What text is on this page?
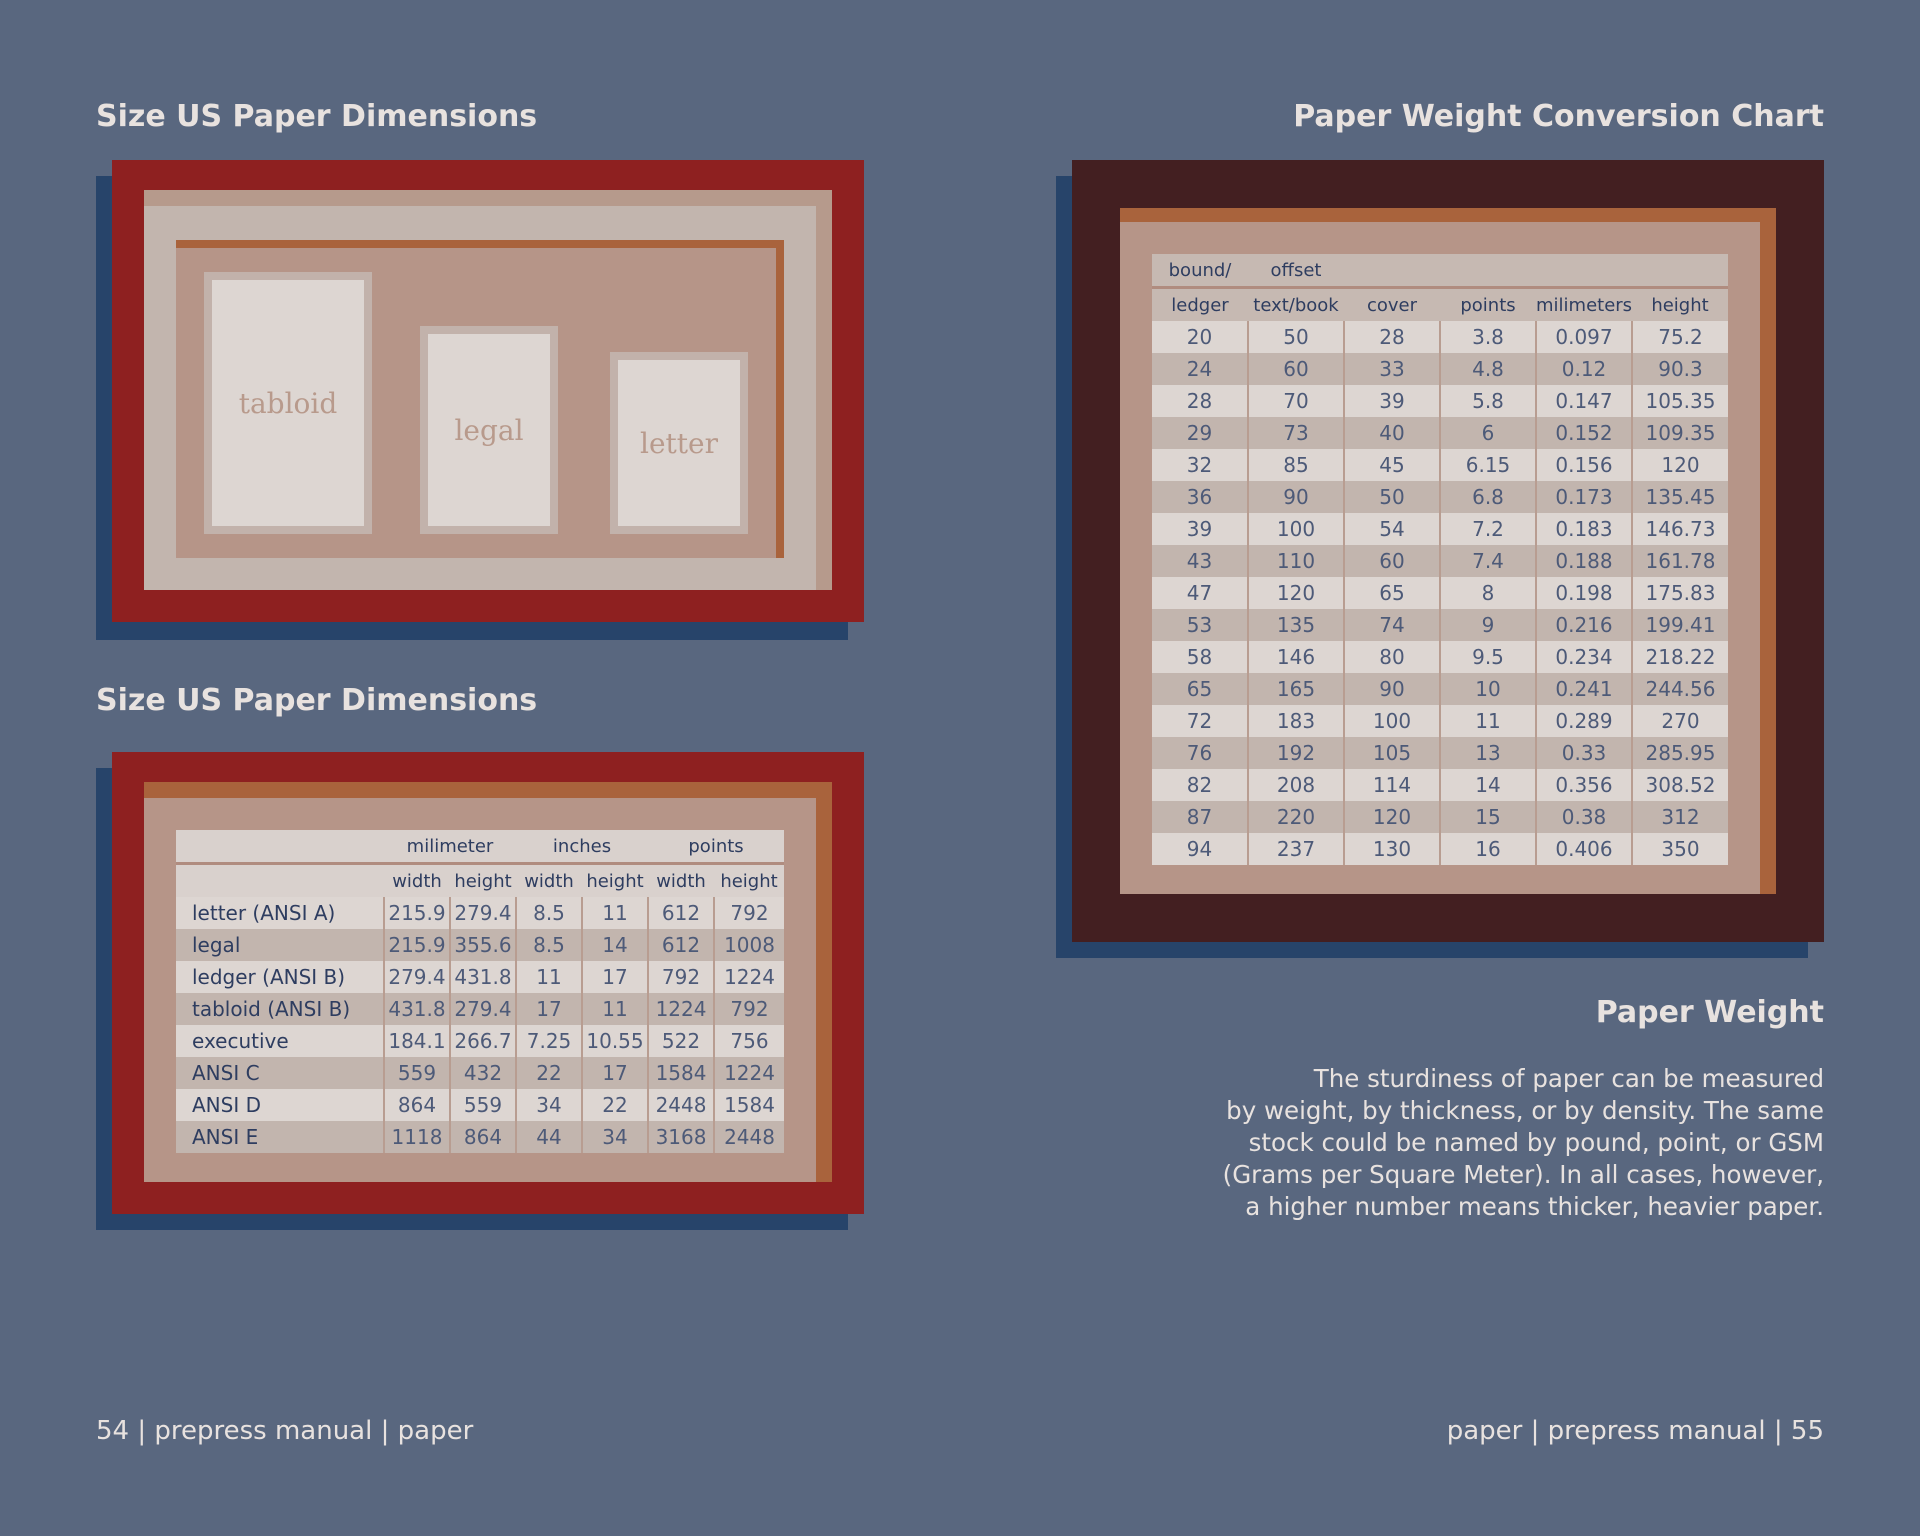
Size US Paper Dimensions
tabloid
legal	letter
Size US Paper Dimensions
	milimeter		inches		points	
	width	height	width	height	width	height
letter (ANSI A)	215.9	279.4	8.5	11	612	792
legal	215.9	355.6	8.5	14	612	1008
ledger (ANSI B)	279.4	431.8	11	17	792	1224
tabloid (ANSI B)	431.8	279.4	17	11	1224	792
executive	184.1	266.7	7.25	10.55	522	756
ANSI C	559	432	22	17	1584	1224
ANSI D	864	559	34	22	2448	1584
ANSI E	1118	864	44	34	3168	2448
54 | prepress manual | paper
Paper Weight Conversion Chart
bound/	offset				
ledger	text/book	cover	points	milimeters	height
20	50	28	3.8	0.097	75.2
24	60	33	4.8	0.12	90.3
28	70	39	5.8	0.147	105.35
29	73	40	6	0.152	109.35
32	85	45	6.15	0.156	120
36	90	50	6.8	0.173	135.45
39	100	54	7.2	0.183	146.73
43	110	60	7.4	0.188	161.78
47	120	65	8	0.198	175.83
53	135	74	9	0.216	199.41
58	146	80	9.5	0.234	218.22
65	165	90	10	0.241	244.56
72	183	100	11	0.289	270
76	192	105	13	0.33	285.95
82	208	114	14	0.356	308.52
87	220	120	15	0.38	312
94	237	130	16	0.406	350
Paper Weight
The sturdiness of paper can be measured
by weight, by thickness, or by density. The same
stock could be named by pound, point, or GSM
(Grams per Square Meter). In all cases, however,
a higher number means thicker, heavier paper.
paper | prepress manual | 55
